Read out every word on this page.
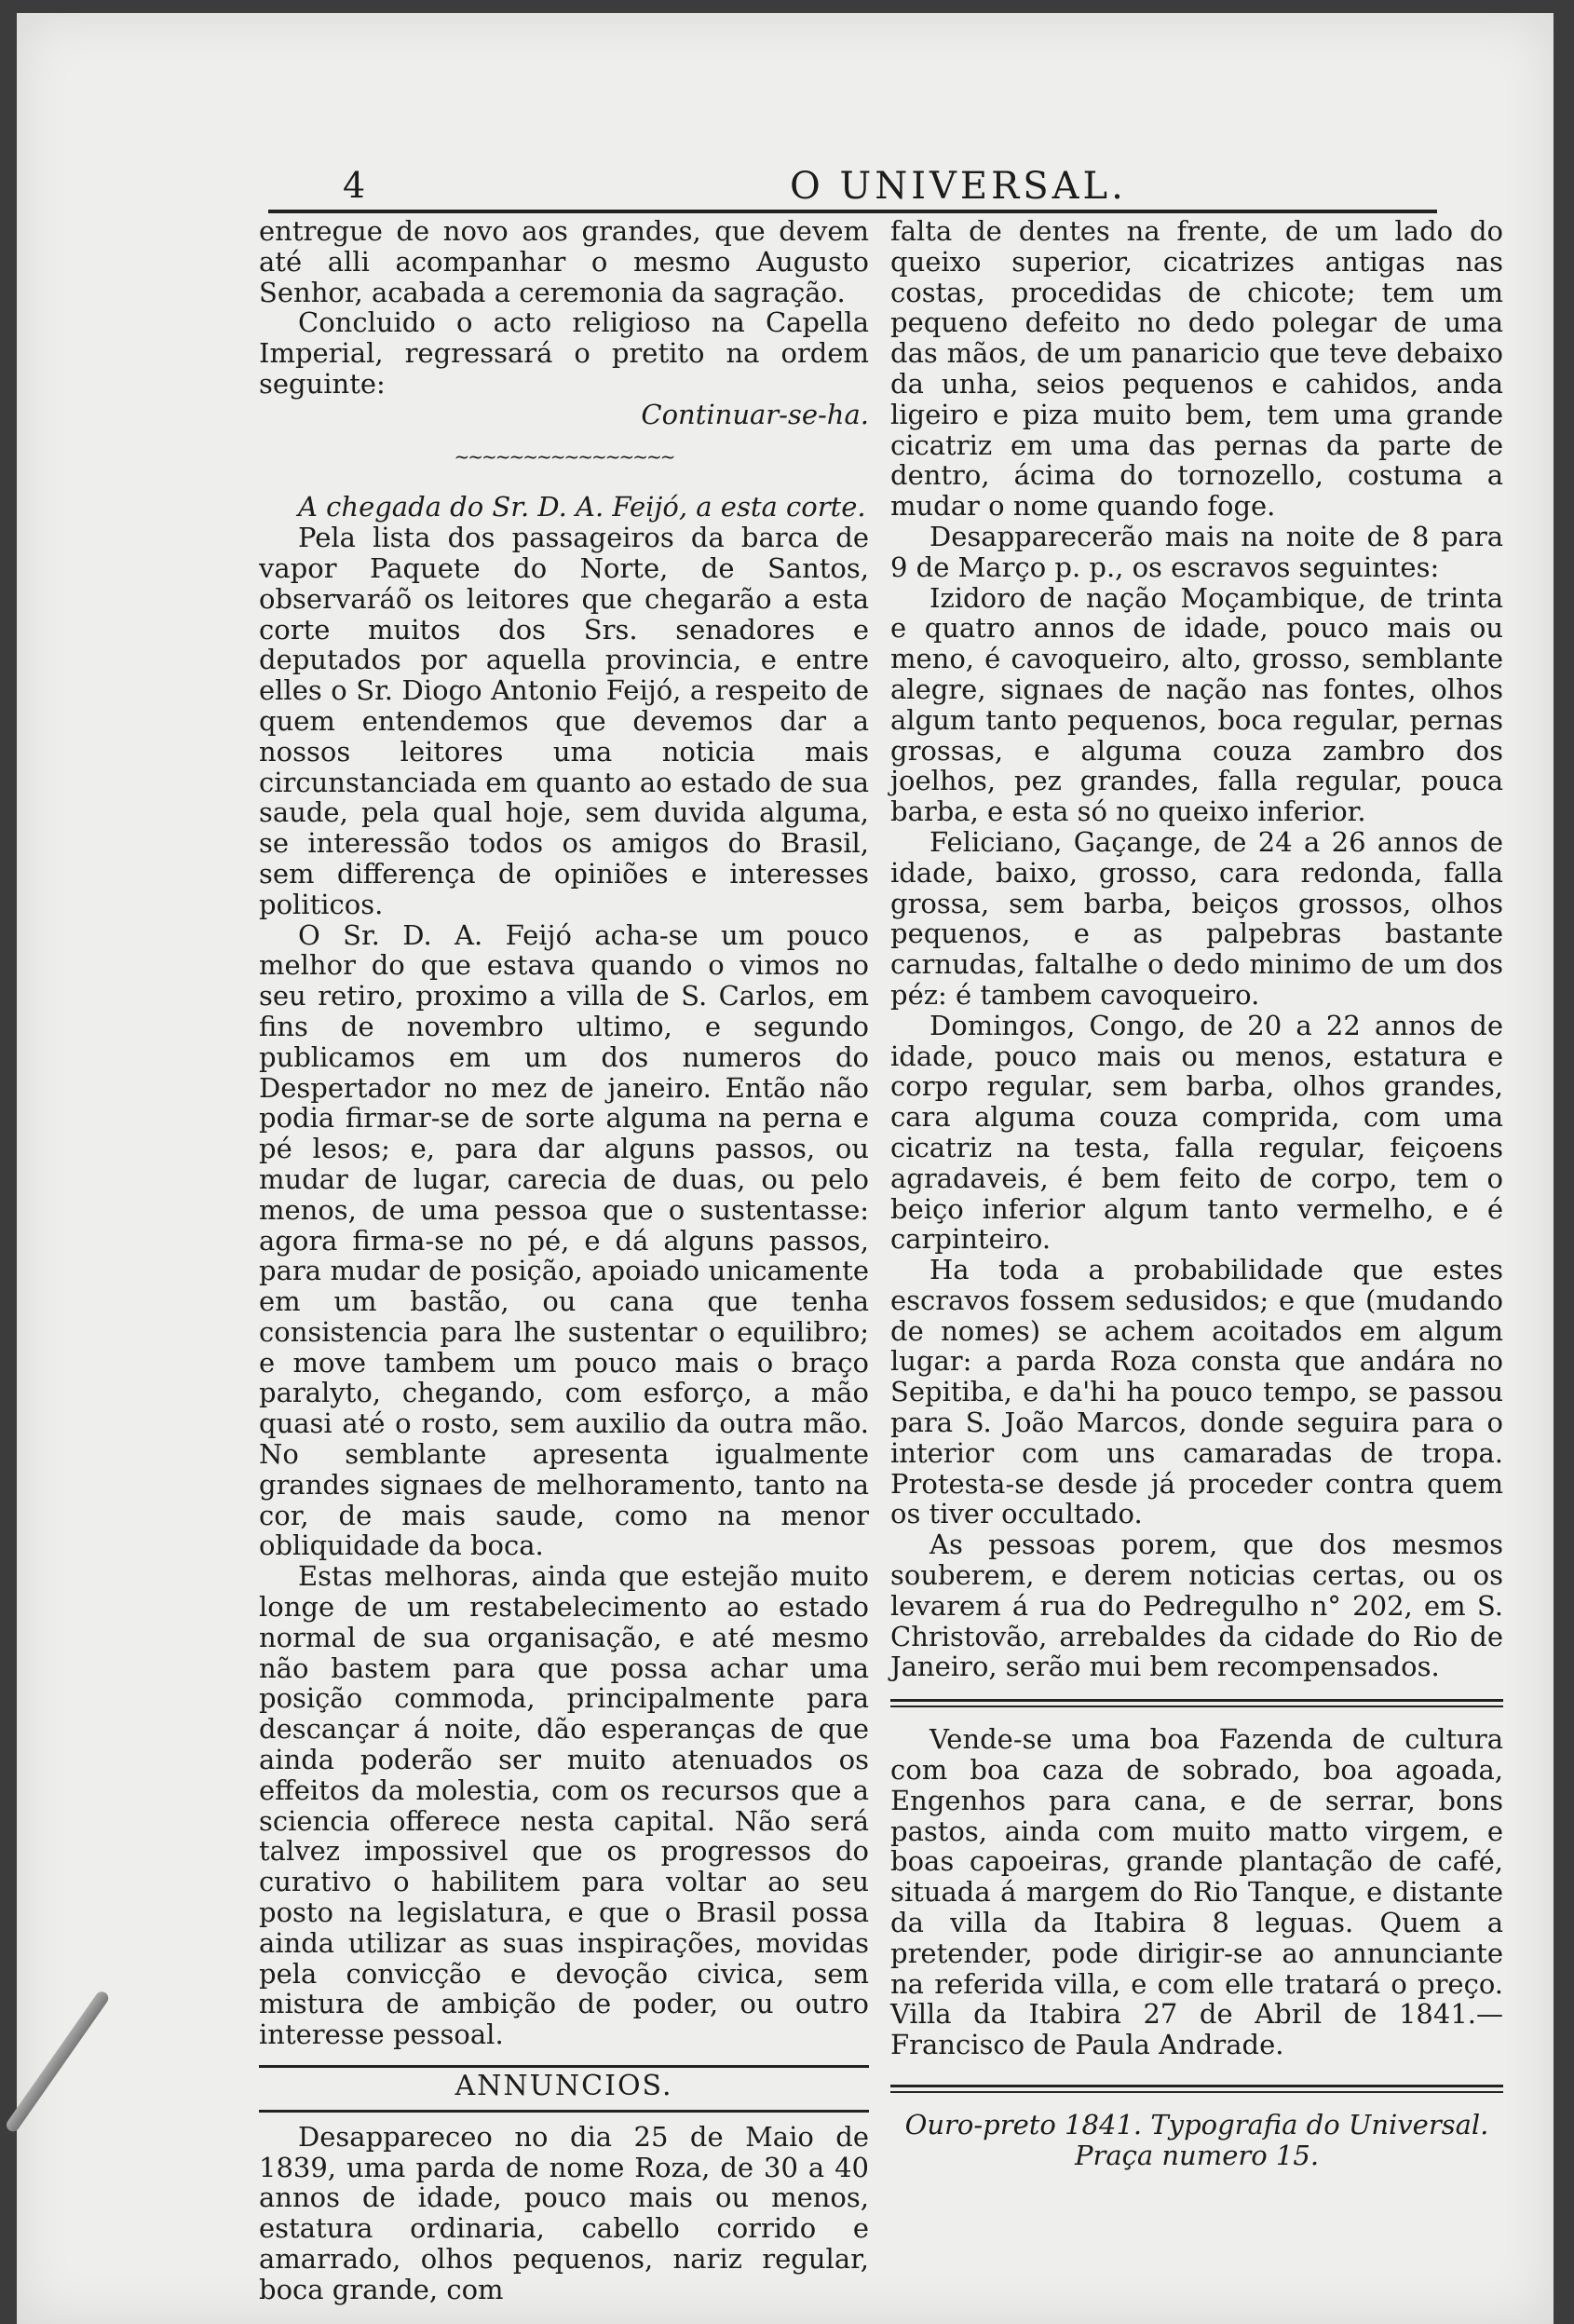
4	O UNIVERSAL.

entregue de novo aos grandes, que devem até alli acompanhar o mesmo Augusto Senhor, acabada a ceremonia da sagração.

Concluido o acto religioso na Capella Imperial, regressará o pretito na ordem seguinte:

Continuar-se-ha.

~~~~~~~~~~~~~~~~

A chegada do Sr. D. A. Feijó, a esta corte.

Pela lista dos passageiros da barca de vapor Paquete do Norte, de Santos, observaráõ os leitores que chegarão a esta corte muitos dos Srs. senadores e deputados por aquella provincia, e entre elles o Sr. Diogo Antonio Feijó, a respeito de quem entendemos que devemos dar a nossos leitores uma noticia mais circunstanciada em quanto ao estado de sua saude, pela qual hoje, sem duvida alguma, se interessão todos os amigos do Brasil, sem differença de opiniões e interesses politicos.

O Sr. D. A. Feijó acha-se um pouco melhor do que estava quando o vimos no seu retiro, proximo a villa de S. Carlos, em fins de novembro ultimo, e segundo publicamos em um dos numeros do Despertador no mez de janeiro. Então não podia firmar-se de sorte alguma na perna e pé lesos; e, para dar alguns passos, ou mudar de lugar, carecia de duas, ou pelo menos, de uma pessoa que o sustentasse: agora firma-se no pé, e dá alguns passos, para mudar de posição, apoiado unicamente em um bastão, ou cana que tenha consistencia para lhe sustentar o equilibro; e move tambem um pouco mais o braço paralyto, chegando, com esforço, a mão quasi até o rosto, sem auxilio da outra mão. No semblante apresenta igualmente grandes signaes de melhoramento, tanto na cor, de mais saude, como na menor obliquidade da boca.

Estas melhoras, ainda que estejão muito longe de um restabelecimento ao estado normal de sua organisação, e até mesmo não bastem para que possa achar uma posição commoda, principalmente para descançar á noite, dão esperanças de que ainda poderão ser muito atenuados os effeitos da molestia, com os recursos que a sciencia offerece nesta capital. Não será talvez impossivel que os progressos do curativo o habilitem para voltar ao seu posto na legislatura, e que o Brasil possa ainda utilizar as suas inspirações, movidas pela convicção e devoção civica, sem mistura de ambição de poder, ou outro interesse pessoal.

ANNUNCIOS.

Desappareceo no dia 25 de Maio de 1839, uma parda de nome Roza, de 30 a 40 annos de idade, pouco mais ou menos, estatura ordinaria, cabello corrido e amarrado, olhos pequenos, nariz regular, boca grande, com

falta de dentes na frente, de um lado do queixo superior, cicatrizes antigas nas costas, procedidas de chicote; tem um pequeno defeito no dedo polegar de uma das mãos, de um panaricio que teve debaixo da unha, seios pequenos e cahidos, anda ligeiro e piza muito bem, tem uma grande cicatriz em uma das pernas da parte de dentro, ácima do tornozello, costuma a mudar o nome quando foge.

Desapparecerão mais na noite de 8 para 9 de Março p. p., os escravos seguintes:

Izidoro de nação Moçambique, de trinta e quatro annos de idade, pouco mais ou meno, é cavoqueiro, alto, grosso, semblante alegre, signaes de nação nas fontes, olhos algum tanto pequenos, boca regular, pernas grossas, e alguma couza zambro dos joelhos, pez grandes, falla regular, pouca barba, e esta só no queixo inferior.

Feliciano, Gaçange, de 24 a 26 annos de idade, baixo, grosso, cara redonda, falla grossa, sem barba, beiços grossos, olhos pequenos, e as palpebras bastante carnudas, faltalhe o dedo minimo de um dos péz: é tambem cavoqueiro.

Domingos, Congo, de 20 a 22 annos de idade, pouco mais ou menos, estatura e corpo regular, sem barba, olhos grandes, cara alguma couza comprida, com uma cicatriz na testa, falla regular, feiçoens agradaveis, é bem feito de corpo, tem o beiço inferior algum tanto vermelho, e é carpinteiro.

Ha toda a probabilidade que estes escravos fossem sedusidos; e que (mudando de nomes) se achem acoitados em algum lugar: a parda Roza consta que andára no Sepitiba, e da'hi ha pouco tempo, se passou para S. João Marcos, donde seguira para o interior com uns camaradas de tropa. Protesta-se desde já proceder contra quem os tiver occultado.

As pessoas porem, que dos mesmos souberem, e derem noticias certas, ou os levarem á rua do Pedregulho n° 202, em S. Christovão, arrebaldes da cidade do Rio de Janeiro, serão mui bem recompensados.

Vende-se uma boa Fazenda de cultura com boa caza de sobrado, boa agoada, Engenhos para cana, e de serrar, bons pastos, ainda com muito matto virgem, e boas capoeiras, grande plantação de café, situada á margem do Rio Tanque, e distante da villa da Itabira 8 leguas. Quem a pretender, pode dirigir-se ao annunciante na referida villa, e com elle tratará o preço. Villa da Itabira 27 de Abril de 1841.— Francisco de Paula Andrade.

Ouro-preto 1841. Typografia do Universal.

Praça numero 15.
